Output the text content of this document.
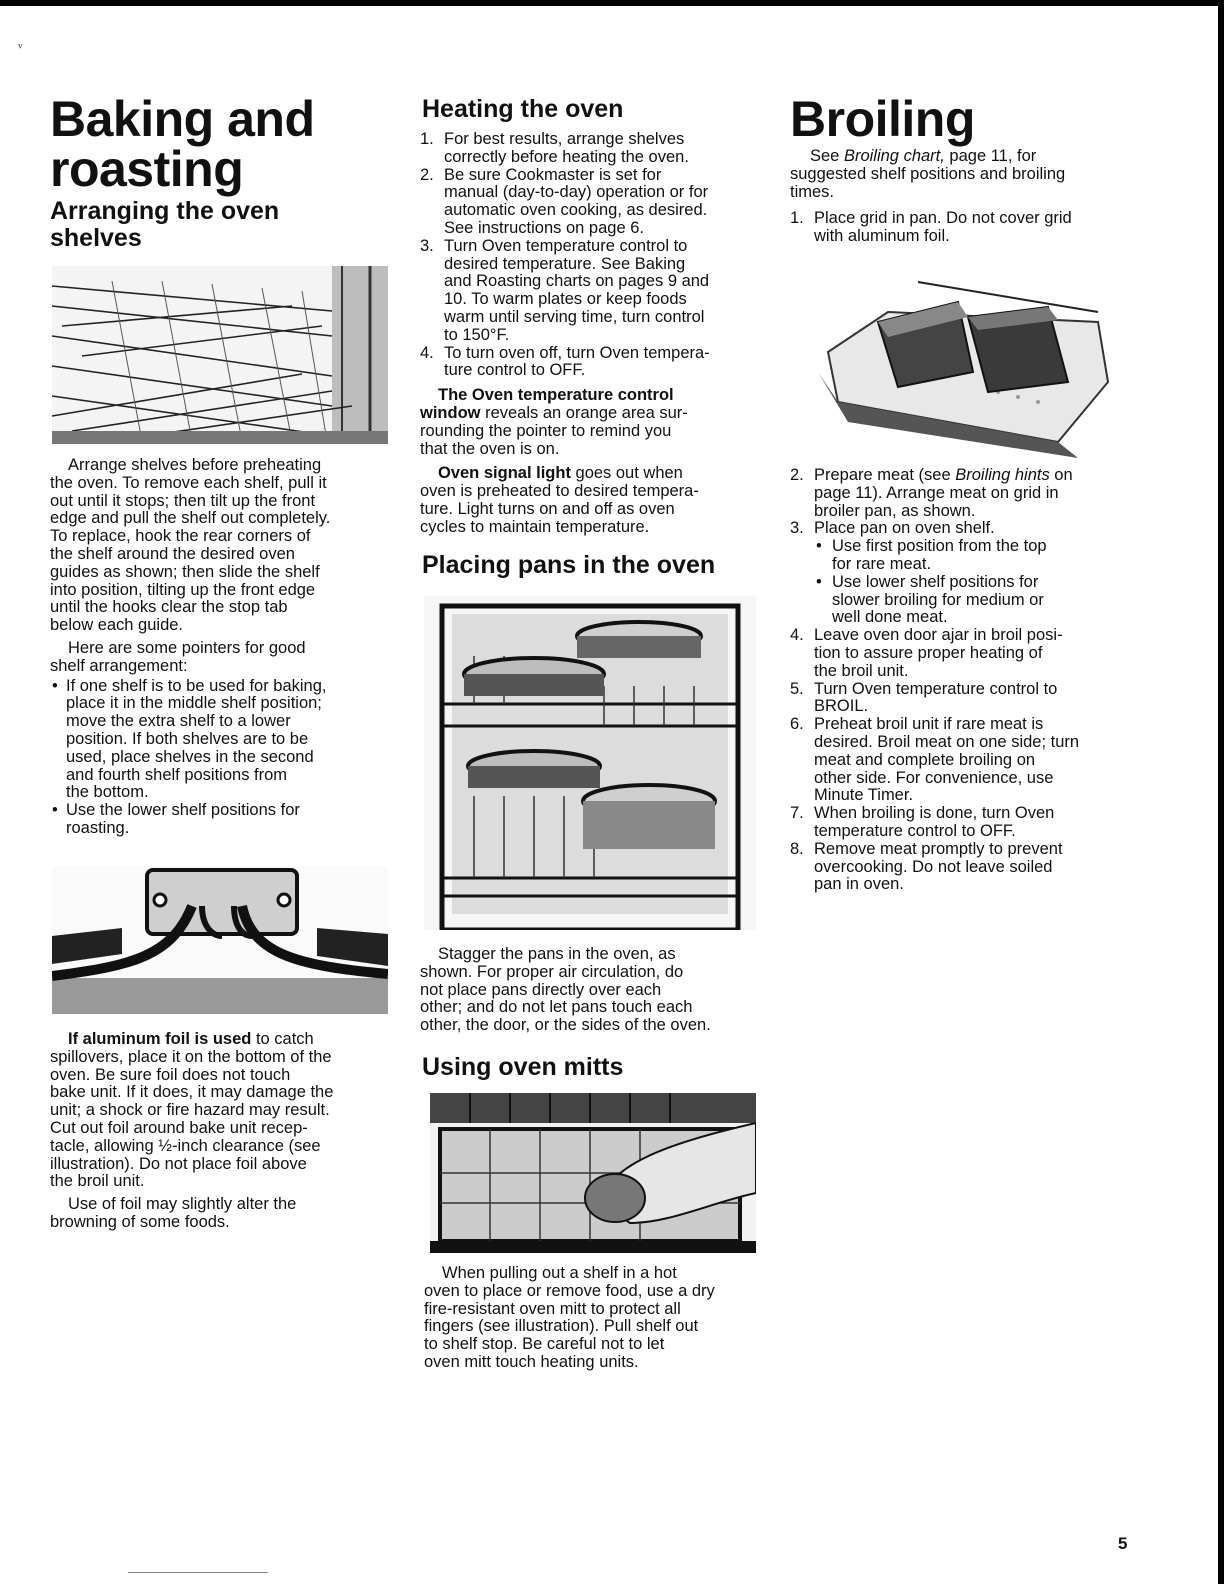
ᵥ
5
Baking and
roasting
Arranging the oven
shelves

Arrange shelves before preheating

the oven. To remove each shelf, pull it
out until it stops; then tilt up the front
edge and pull the shelf out completely.
To replace, hook the rear corners of
the shelf around the desired oven
guides as shown; then slide the shelf
into position, tilting up the front edge
until the hooks clear the stop tab
below each guide.

Here are some pointers for good
shelf arrangement:

• If one shelf is to be used for baking,
place it in the middle shelf position;
move the extra shelf to a lower
position. If both shelves are to be
used, place shelves in the second
and fourth shelf positions from
the bottom.
• Use the lower shelf positions for
roasting.

If aluminum foil is used to catch
spillovers, place it on the bottom of the
oven. Be sure foil does not touch
bake unit. If it does, it may damage the
unit; a shock or fire hazard may result.
Cut out foil around bake unit recep-
tacle, allowing ½-inch clearance (see
illustration). Do not place foil above
the broil unit.

Use of foil may slightly alter the
browning of some foods.

Heating the oven
1. For best results, arrange shelves
correctly before heating the oven.
2. Be sure Cookmaster is set for
manual (day-to-day) operation or for
automatic oven cooking, as desired.
See instructions on page 6.
3. Turn Oven temperature control to
desired temperature. See Baking
and Roasting charts on pages 9 and
10. To warm plates or keep foods
warm until serving time, turn control
to 150°F.
4. To turn oven off, turn Oven tempera-
ture control to OFF.

The Oven temperature control
window reveals an orange area sur-
rounding the pointer to remind you
that the oven is on.

Oven signal light goes out when
oven is preheated to desired tempera-
ture. Light turns on and off as oven
cycles to maintain temperature.

Placing pans in the oven

Stagger the pans in the oven, as
shown. For proper air circulation, do
not place pans directly over each
other; and do not let pans touch each
other, the door, or the sides of the oven.

Using oven mitts

When pulling out a shelf in a hot
oven to place or remove food, use a dry
fire-resistant oven mitt to protect all
fingers (see illustration). Pull shelf out
to shelf stop. Be careful not to let
oven mitt touch heating units.

Broiling

See Broiling chart, page 11, for
suggested shelf positions and broiling
times.

1. Place grid in pan. Do not cover grid
with aluminum foil.
2. Prepare meat (see Broiling hints on
page 11). Arrange meat on grid in
broiler pan, as shown.
3. Place pan on oven shelf.
• Use first position from the top
for rare meat.
• Use lower shelf positions for
slower broiling for medium or
well done meat.
4. Leave oven door ajar in broil posi-
tion to assure proper heating of
the broil unit.
5. Turn Oven temperature control to
BROIL.
6. Preheat broil unit if rare meat is
desired. Broil meat on one side; turn
meat and complete broiling on
other side. For convenience, use
Minute Timer.
7. When broiling is done, turn Oven
temperature control to OFF.
8. Remove meat promptly to prevent
overcooking. Do not leave soiled
pan in oven.
